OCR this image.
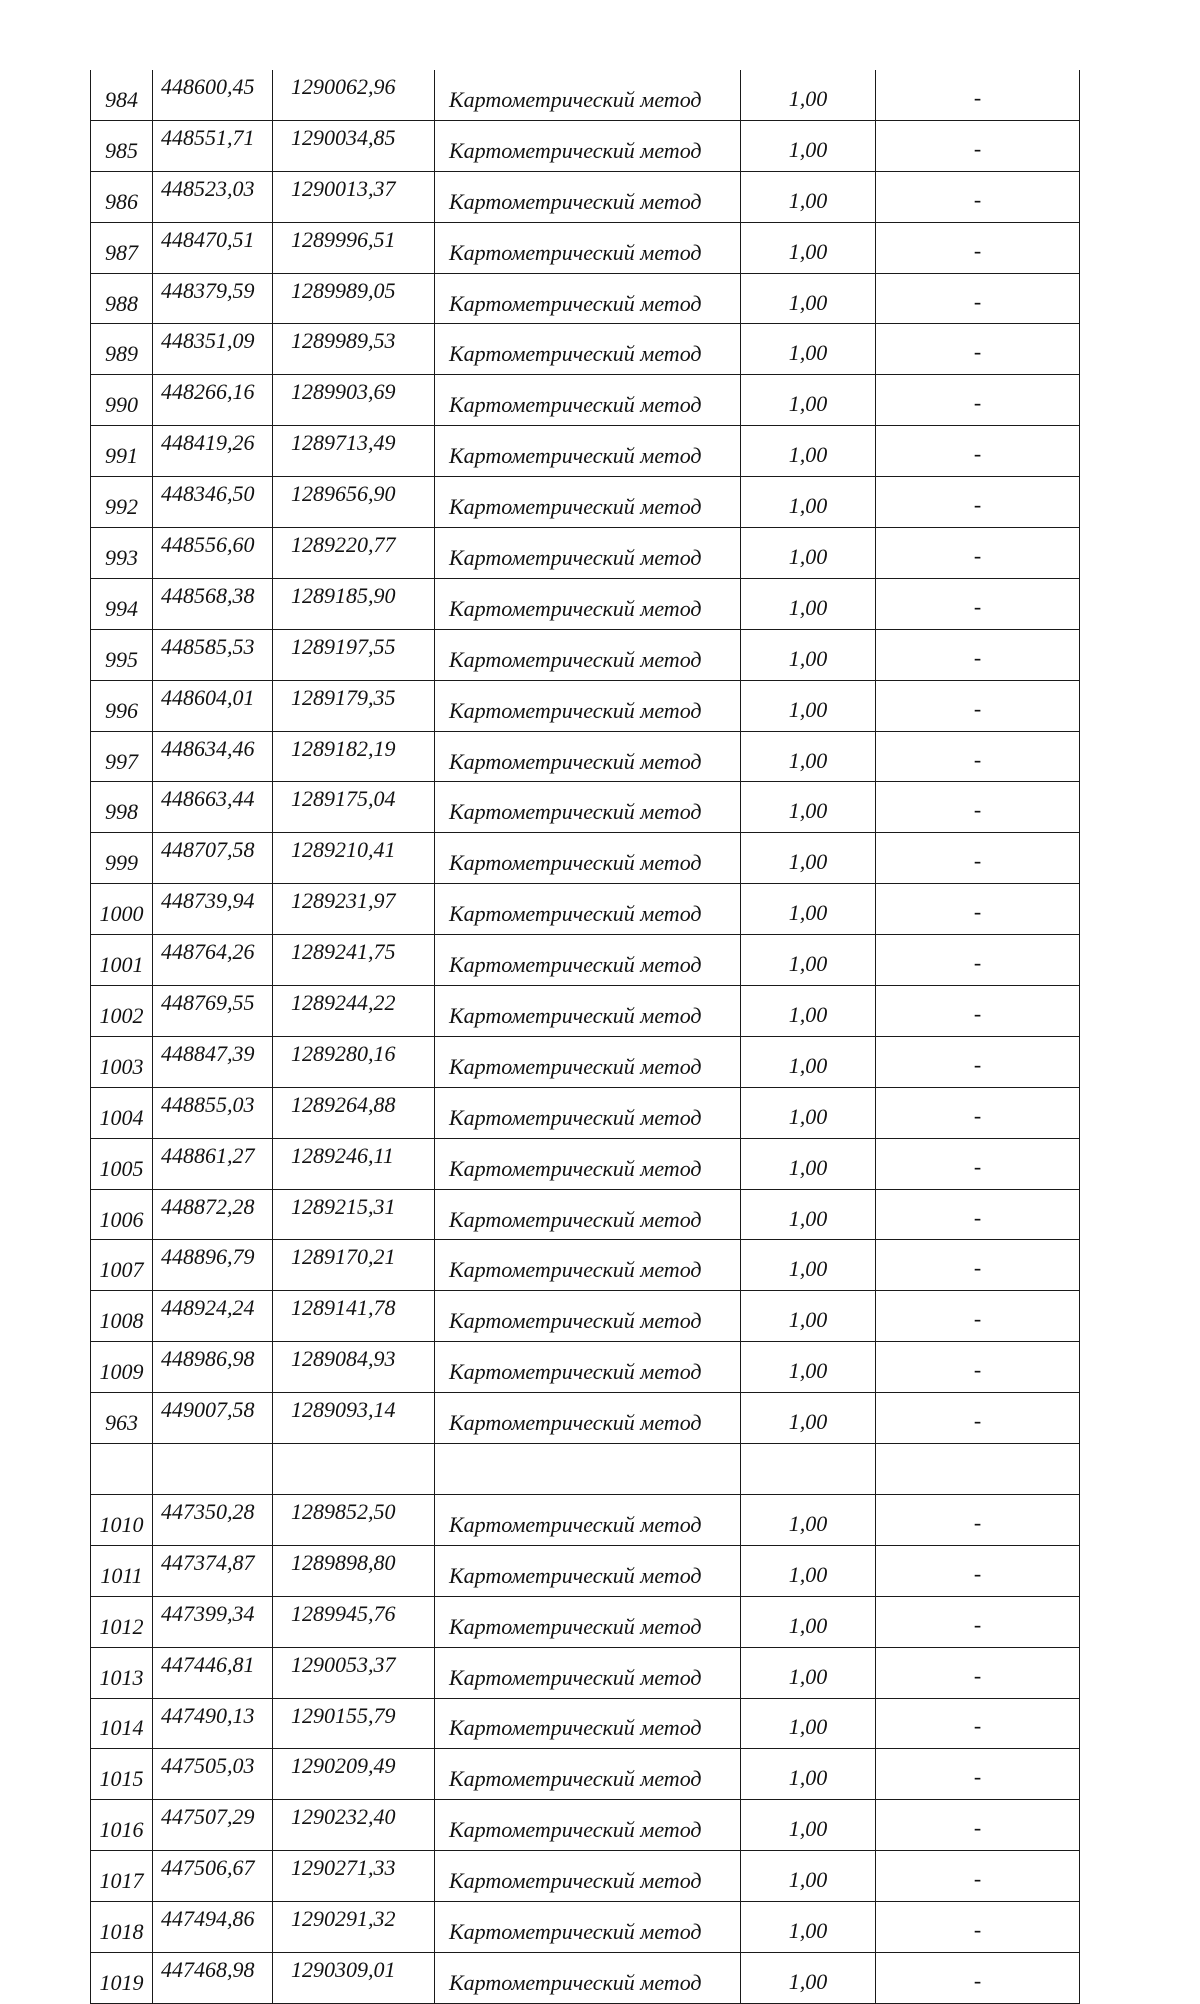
984	448600,45	1290062,96	Картометрический метод	1,00	-
985	448551,71	1290034,85	Картометрический метод	1,00	-
986	448523,03	1290013,37	Картометрический метод	1,00	-
987	448470,51	1289996,51	Картометрический метод	1,00	-
988	448379,59	1289989,05	Картометрический метод	1,00	-
989	448351,09	1289989,53	Картометрический метод	1,00	-
990	448266,16	1289903,69	Картометрический метод	1,00	-
991	448419,26	1289713,49	Картометрический метод	1,00	-
992	448346,50	1289656,90	Картометрический метод	1,00	-
993	448556,60	1289220,77	Картометрический метод	1,00	-
994	448568,38	1289185,90	Картометрический метод	1,00	-
995	448585,53	1289197,55	Картометрический метод	1,00	-
996	448604,01	1289179,35	Картометрический метод	1,00	-
997	448634,46	1289182,19	Картометрический метод	1,00	-
998	448663,44	1289175,04	Картометрический метод	1,00	-
999	448707,58	1289210,41	Картометрический метод	1,00	-
1000	448739,94	1289231,97	Картометрический метод	1,00	-
1001	448764,26	1289241,75	Картометрический метод	1,00	-
1002	448769,55	1289244,22	Картометрический метод	1,00	-
1003	448847,39	1289280,16	Картометрический метод	1,00	-
1004	448855,03	1289264,88	Картометрический метод	1,00	-
1005	448861,27	1289246,11	Картометрический метод	1,00	-
1006	448872,28	1289215,31	Картометрический метод	1,00	-
1007	448896,79	1289170,21	Картометрический метод	1,00	-
1008	448924,24	1289141,78	Картометрический метод	1,00	-
1009	448986,98	1289084,93	Картометрический метод	1,00	-
963	449007,58	1289093,14	Картометрический метод	1,00	-

1010	447350,28	1289852,50	Картометрический метод	1,00	-
1011	447374,87	1289898,80	Картометрический метод	1,00	-
1012	447399,34	1289945,76	Картометрический метод	1,00	-
1013	447446,81	1290053,37	Картометрический метод	1,00	-
1014	447490,13	1290155,79	Картометрический метод	1,00	-
1015	447505,03	1290209,49	Картометрический метод	1,00	-
1016	447507,29	1290232,40	Картометрический метод	1,00	-
1017	447506,67	1290271,33	Картометрический метод	1,00	-
1018	447494,86	1290291,32	Картометрический метод	1,00	-
1019	447468,98	1290309,01	Картометрический метод	1,00	-
